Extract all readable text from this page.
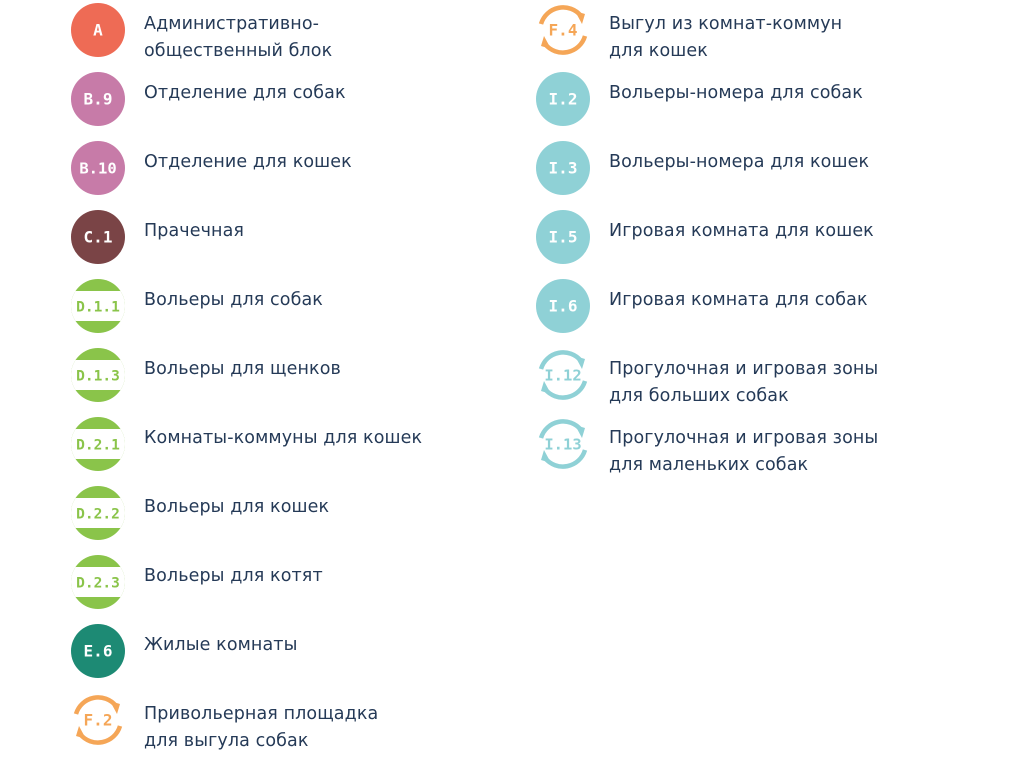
A Административно-
общественный блок
B.9 Отделение для собак
B.10 Отделение для кошек
C.1 Прачечная
D.1.1 Вольеры для собак
D.1.3 Вольеры для щенков
D.2.1 Комнаты-коммуны для кошек
D.2.2 Вольеры для кошек
D.2.3 Вольеры для котят
E.6 Жилые комнаты
F.2 Привольерная площадка
для выгула собак
F.4 Выгул из комнат-коммун
для кошек
I.2 Вольеры-номера для собак
I.3 Вольеры-номера для кошек
I.5 Игровая комната для кошек
I.6 Игровая комната для собак
I.12 Прогулочная и игровая зоны
для больших собак
I.13 Прогулочная и игровая зоны
для маленьких собак
